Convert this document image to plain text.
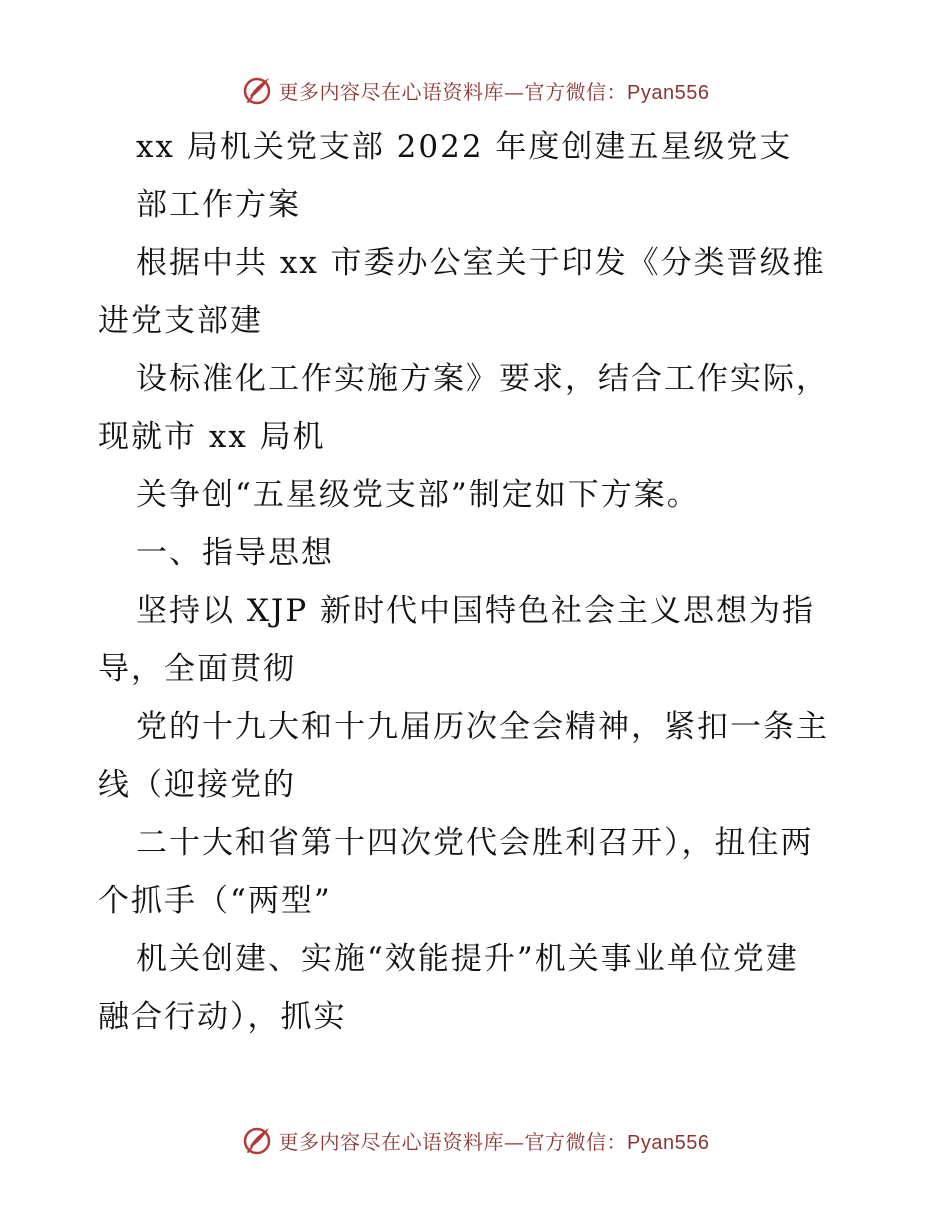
更多内容尽在心语资料库—官方微信：Pyan556
xx 局机关党支部 2022 年度创建五星级党支
部工作方案
根据中共 xx 市委办公室关于印发《分类晋级推
进党支部建
设标准化工作实施方案》要求，结合工作实际，
现就市 xx 局机
关争创“五星级党支部”制定如下方案。
一、指导思想
坚持以 XJP 新时代中国特色社会主义思想为指
导，全面贯彻
党的十九大和十九届历次全会精神，紧扣一条主
线（迎接党的
二十大和省第十四次党代会胜利召开），扭住两
个抓手（“两型”
机关创建、实施“效能提升”机关事业单位党建
融合行动），抓实
更多内容尽在心语资料库—官方微信：Pyan556
